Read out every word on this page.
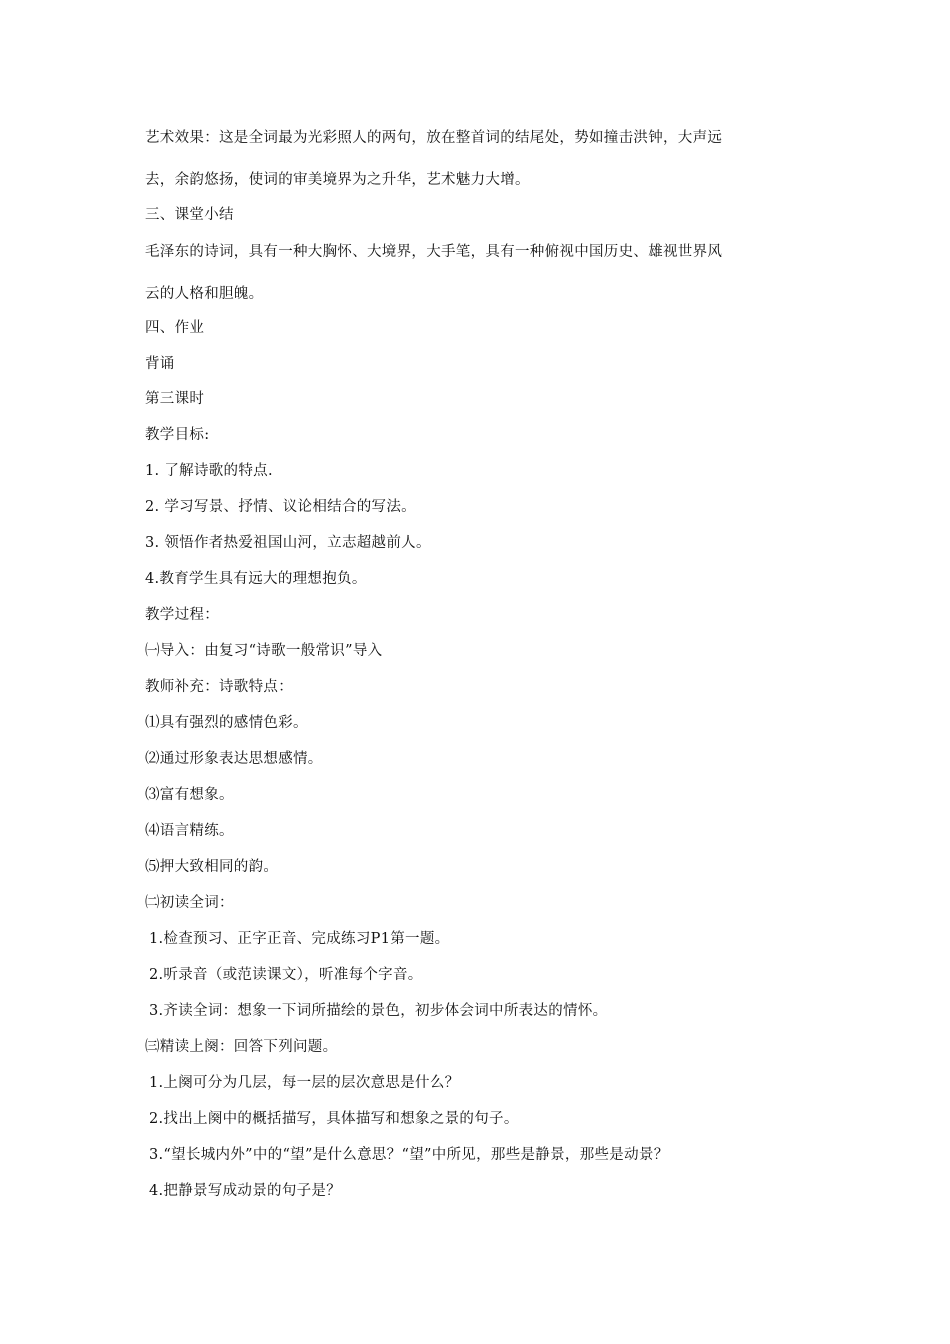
艺术效果：这是全词最为光彩照人的两句，放在整首词的结尾处，势如撞击洪钟，大声远
去，余韵悠扬，使词的审美境界为之升华，艺术魅力大增。
三、课堂小结
毛泽东的诗词，具有一种大胸怀、大境界，大手笔，具有一种俯视中国历史、雄视世界风
云的人格和胆魄。
四、作业
背诵
第三课时
教学目标:
1. 了解诗歌的特点.
2. 学习写景、抒情、议论相结合的写法。
3. 领悟作者热爱祖国山河，立志超越前人。
4.教育学生具有远大的理想抱负。
教学过程：
㈠导入：由复习“诗歌一般常识”导入
教师补充：诗歌特点：
⑴具有强烈的感情色彩。
⑵通过形象表达思想感情。
⑶富有想象。
⑷语言精练。
⑸押大致相同的韵。
㈡初读全词：
1.检查预习、正字正音、完成练习P1第一题。
2.听录音（或范读课文），听准每个字音。
3.齐读全词：想象一下词所描绘的景色，初步体会词中所表达的情怀。
㈢精读上阕：回答下列问题。
1.上阕可分为几层，每一层的层次意思是什么？
2.找出上阕中的概括描写，具体描写和想象之景的句子。
3.“望长城内外”中的“望”是什么意思？“望”中所见，那些是静景，那些是动景？
4.把静景写成动景的句子是？
